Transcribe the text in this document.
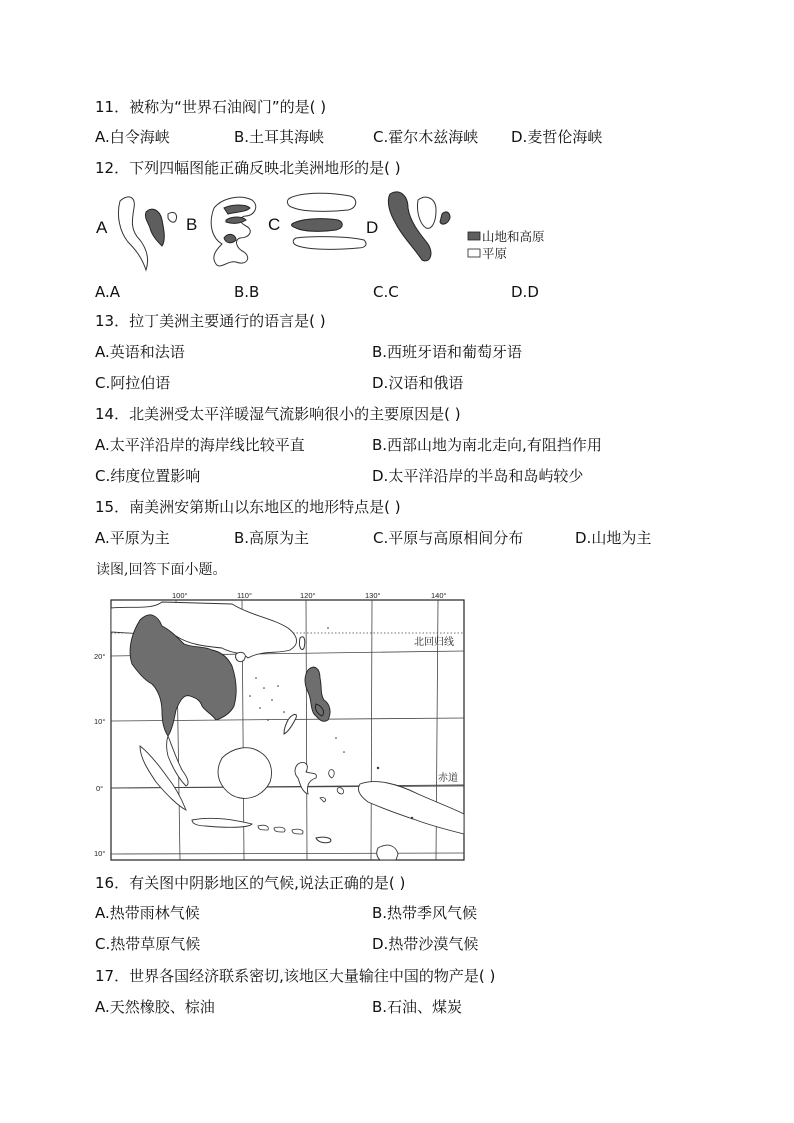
11．被称为“世界石油阀门”的是( )
A.白令海峡	B.土耳其海峡	C.霍尔木兹海峡 D.麦哲伦海峡
12．下列四幅图能正确反映北美洲地形的是( )
A	B	C	D	山地和高原
平原
A.A	B.B	C.C	D.D
13．拉丁美洲主要通行的语言是( )
A.英语和法语	B.西班牙语和葡萄牙语
C.阿拉伯语	D.汉语和俄语
14．北美洲受太平洋暖湿气流影响很小的主要原因是( )
A.太平洋沿岸的海岸线比较平直	B.西部山地为南北走向,有阻挡作用
C.纬度位置影响	D.太平洋沿岸的半岛和岛屿较少
15．南美洲安第斯山以东地区的地形特点是( )
A.平原为主	B.高原为主	C.平原与高原相间分布	D.山地为主
读图,回答下面小题。
北回归线
赤道
100°	110°	120°	130°	140°
20°
10°
0°
10°
16．有关图中阴影地区的气候,说法正确的是( )
A.热带雨林气候	B.热带季风气候
C.热带草原气候	D.热带沙漠气候
17．世界各国经济联系密切,该地区大量输往中国的物产是( )
A.天然橡胶、棕油	B.石油、煤炭
